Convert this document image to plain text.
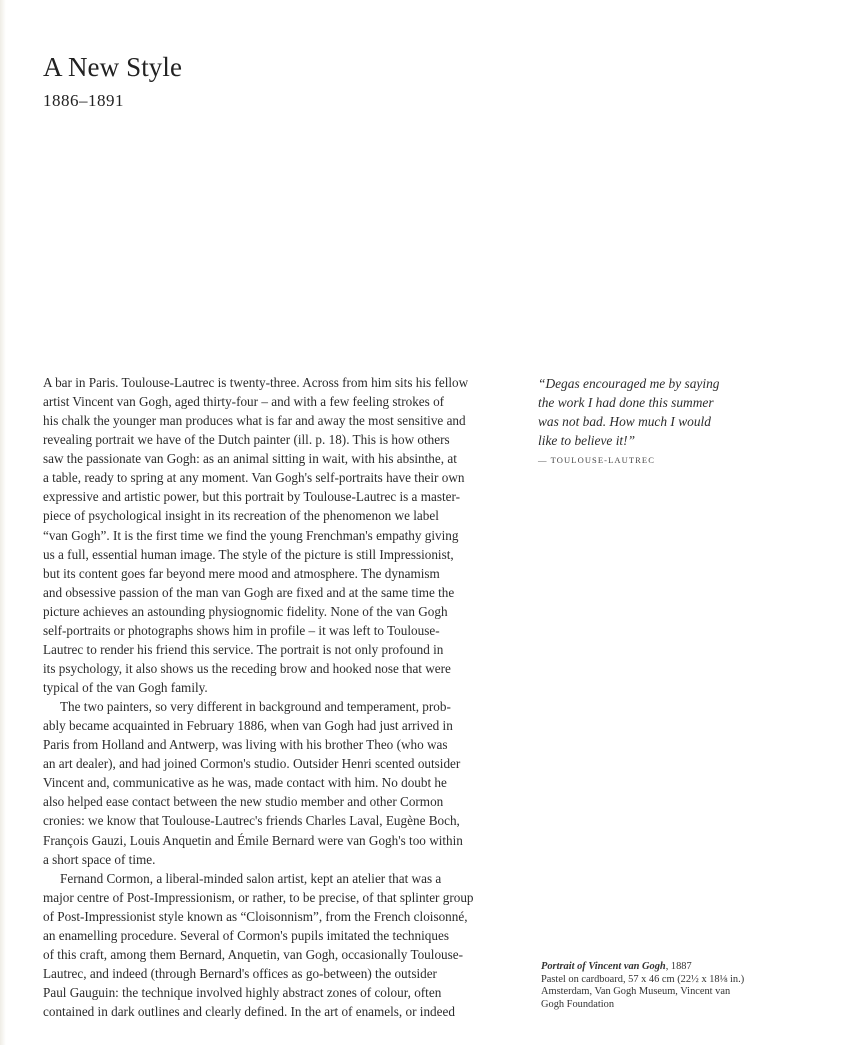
A New Style
1886–1891
A bar in Paris. Toulouse-Lautrec is twenty-three. Across from him sits his fellow
artist Vincent van Gogh, aged thirty-four – and with a few feeling strokes of
his chalk the younger man produces what is far and away the most sensitive and
revealing portrait we have of the Dutch painter (ill. p. 18). This is how others
saw the passionate van Gogh: as an animal sitting in wait, with his absinthe, at
a table, ready to spring at any moment. Van Gogh's self-portraits have their own
expressive and artistic power, but this portrait by Toulouse-Lautrec is a master-
piece of psychological insight in its recreation of the phenomenon we label
“van Gogh”. It is the first time we find the young Frenchman's empathy giving
us a full, essential human image. The style of the picture is still Impressionist,
but its content goes far beyond mere mood and atmosphere. The dynamism
and obsessive passion of the man van Gogh are fixed and at the same time the
picture achieves an astounding physiognomic fidelity. None of the van Gogh
self-portraits or photographs shows him in profile – it was left to Toulouse-
Lautrec to render his friend this service. The portrait is not only profound in
its psychology, it also shows us the receding brow and hooked nose that were
typical of the van Gogh family.
The two painters, so very different in background and temperament, prob-
ably became acquainted in February 1886, when van Gogh had just arrived in
Paris from Holland and Antwerp, was living with his brother Theo (who was
an art dealer), and had joined Cormon's studio. Outsider Henri scented outsider
Vincent and, communicative as he was, made contact with him. No doubt he
also helped ease contact between the new studio member and other Cormon
cronies: we know that Toulouse-Lautrec's friends Charles Laval, Eugène Boch,
François Gauzi, Louis Anquetin and Émile Bernard were van Gogh's too within
a short space of time.
Fernand Cormon, a liberal-minded salon artist, kept an atelier that was a
major centre of Post-Impressionism, or rather, to be precise, of that splinter group
of Post-Impressionist style known as “Cloisonnism”, from the French cloisonné,
an enamelling procedure. Several of Cormon's pupils imitated the techniques
of this craft, among them Bernard, Anquetin, van Gogh, occasionally Toulouse-
Lautrec, and indeed (through Bernard's offices as go-between) the outsider
Paul Gauguin: the technique involved highly abstract zones of colour, often
contained in dark outlines and clearly defined. In the art of enamels, or indeed
“Degas encouraged me by saying
the work I had done this summer
was not bad. How much I would
like to believe it!”
— TOULOUSE-LAUTREC
Portrait of Vincent van Gogh, 1887
Pastel on cardboard, 57 x 46 cm (22½ x 18⅛ in.)
Amsterdam, Van Gogh Museum, Vincent van
Gogh Foundation
